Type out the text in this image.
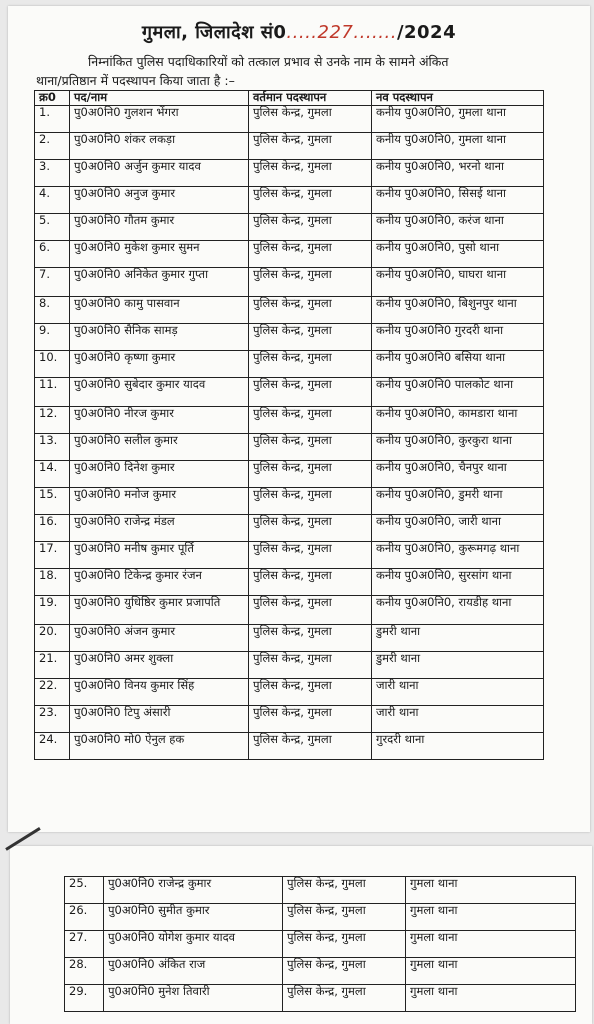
गुमला, जिलादेश सं0.....227......./2024
निम्नांकित पुलिस पदाधिकारियों को तत्काल प्रभाव से उनके नाम के सामने अंकित
थाना/प्रतिष्ठान में पदस्थापन किया जाता है :–
क्र0	पद/नाम	वर्तमान पदस्थापन	नव पदस्थापन
1.	पु0अ0नि0 गुलशन भेंगरा	पुलिस केन्द्र, गुमला	कनीय पु0अ0नि0, गुमला थाना
2.	पु0अ0नि0 शंकर लकड़ा	पुलिस केन्द्र, गुमला	कनीय पु0अ0नि0, गुमला थाना
3.	पु0अ0नि0 अर्जुन कुमार यादव	पुलिस केन्द्र, गुमला	कनीय पु0अ0नि0, भरनो थाना
4.	पु0अ0नि0 अनुज कुमार	पुलिस केन्द्र, गुमला	कनीय पु0अ0नि0, सिसई थाना
5.	पु0अ0नि0 गौतम कुमार	पुलिस केन्द्र, गुमला	कनीय पु0अ0नि0, करंज थाना
6.	पु0अ0नि0 मुकेश कुमार सुमन	पुलिस केन्द्र, गुमला	कनीय पु0अ0नि0, पुसो थाना
7.	पु0अ0नि0 अनिकेत कुमार गुप्ता	पुलिस केन्द्र, गुमला	कनीय पु0अ0नि0, घाघरा थाना
8.	पु0अ0नि0 कामु पासवान	पुलिस केन्द्र, गुमला	कनीय पु0अ0नि0, बिशुनपुर थाना
9.	पु0अ0नि0 सैनिक सामड़	पुलिस केन्द्र, गुमला	कनीय पु0अ0नि0 गुरदरी थाना
10.	पु0अ0नि0 कृष्णा कुमार	पुलिस केन्द्र, गुमला	कनीय पु0अ0नि0 बसिया थाना
11.	पु0अ0नि0 सुबेदार कुमार यादव	पुलिस केन्द्र, गुमला	कनीय पु0अ0नि0 पालकोट थाना
12.	पु0अ0नि0 नीरज कुमार	पुलिस केन्द्र, गुमला	कनीय पु0अ0नि0, कामडारा थाना
13.	पु0अ0नि0 सलील कुमार	पुलिस केन्द्र, गुमला	कनीय पु0अ0नि0, कुरकुरा थाना
14.	पु0अ0नि0 दिनेश कुमार	पुलिस केन्द्र, गुमला	कनीय पु0अ0नि0, चैनपुर थाना
15.	पु0अ0नि0 मनोज कुमार	पुलिस केन्द्र, गुमला	कनीय पु0अ0नि0, डुमरी थाना
16.	पु0अ0नि0 राजेन्द्र मंडल	पुलिस केन्द्र, गुमला	कनीय पु0अ0नि0, जारी थाना
17.	पु0अ0नि0 मनीष कुमार पूर्ति	पुलिस केन्द्र, गुमला	कनीय पु0अ0नि0, कुरूमगढ़ थाना
18.	पु0अ0नि0 टिकेन्द्र कुमार रंजन	पुलिस केन्द्र, गुमला	कनीय पु0अ0नि0, सुरसांग थाना
19.	पु0अ0नि0 युधिष्ठिर कुमार प्रजापति	पुलिस केन्द्र, गुमला	कनीय पु0अ0नि0, रायडीह थाना
20.	पु0अ0नि0 अंजन कुमार	पुलिस केन्द्र, गुमला	डुमरी थाना
21.	पु0अ0नि0 अमर शुक्ला	पुलिस केन्द्र, गुमला	डुमरी थाना
22.	पु0अ0नि0 विनय कुमार सिंह	पुलिस केन्द्र, गुमला	जारी थाना
23.	पु0अ0नि0 टिपु अंसारी	पुलिस केन्द्र, गुमला	जारी थाना
24.	पु0अ0नि0 मो0 ऐनुल हक	पुलिस केन्द्र, गुमला	गुरदरी थाना
25.	पु0अ0नि0 राजेन्द्र कुमार	पुलिस केन्द्र, गुमला	गुमला थाना
26.	पु0अ0नि0 सुमीत कुमार	पुलिस केन्द्र, गुमला	गुमला थाना
27.	पु0अ0नि0 योगेश कुमार यादव	पुलिस केन्द्र, गुमला	गुमला थाना
28.	पु0अ0नि0 अंकित राज	पुलिस केन्द्र, गुमला	गुमला थाना
29.	पु0अ0नि0 मुनेश तिवारी	पुलिस केन्द्र, गुमला	गुमला थाना
